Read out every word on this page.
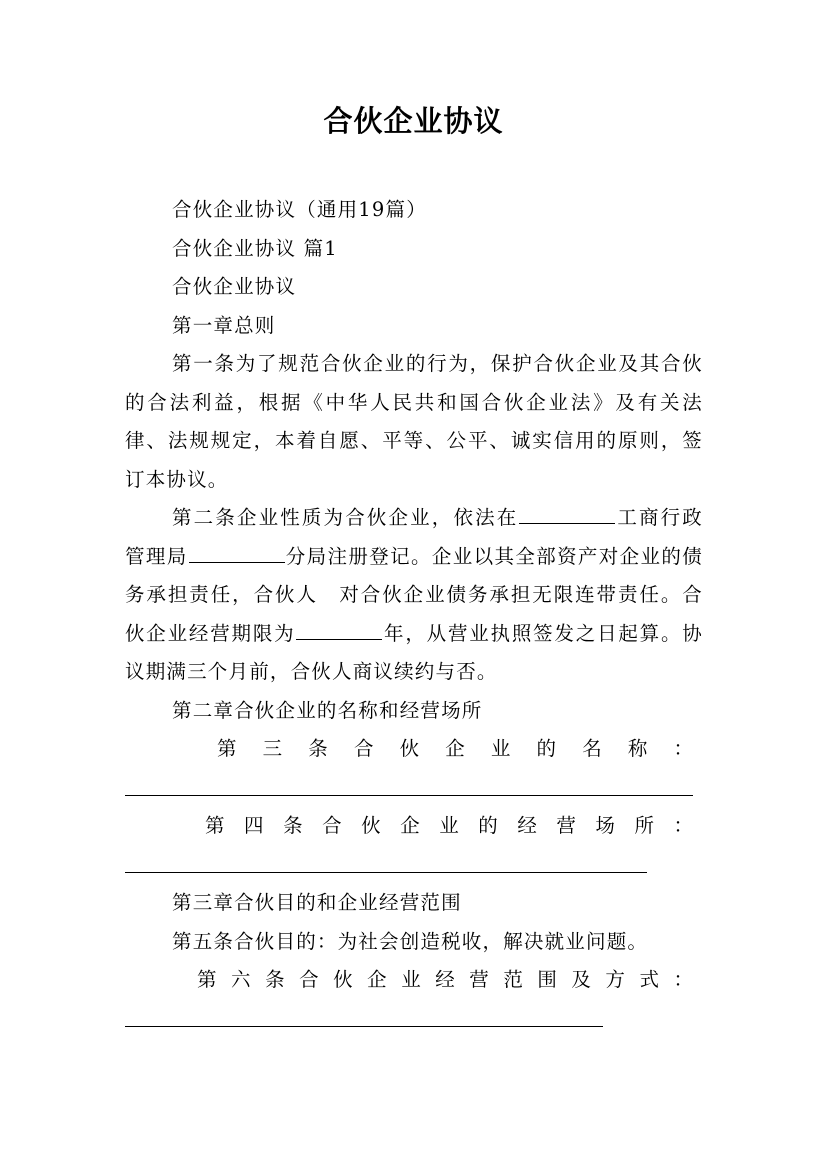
合伙企业协议

合伙企业协议（通用19篇）

合伙企业协议 篇1

合伙企业协议

第一章总则

第一条为了规范合伙企业的行为，保护合伙企业及其合伙的合法利益，根据《中华人民共和国合伙企业法》及有关法律、法规规定，本着自愿、平等、公平、诚实信用的原则，签订本协议。

第二条企业性质为合伙企业，依法在	工商行政管理局	分局注册登记。企业以其全部资产对企业的债务承担责任，合伙人　对合伙企业债务承担无限连带责任。合伙企业经营期限为	年，从营业执照签发之日起算。协议期满三个月前，合伙人商议续约与否。

第二章合伙企业的名称和经营场所

第 三 条 合 伙 企 业 的 名 称 ：

第 四 条 合 伙 企 业 的 经 营 场 所 ：

第三章合伙目的和企业经营范围

第五条合伙目的：为社会创造税收，解决就业问题。

第 六 条 合 伙 企 业 经 营 范 围 及 方 式 ：
